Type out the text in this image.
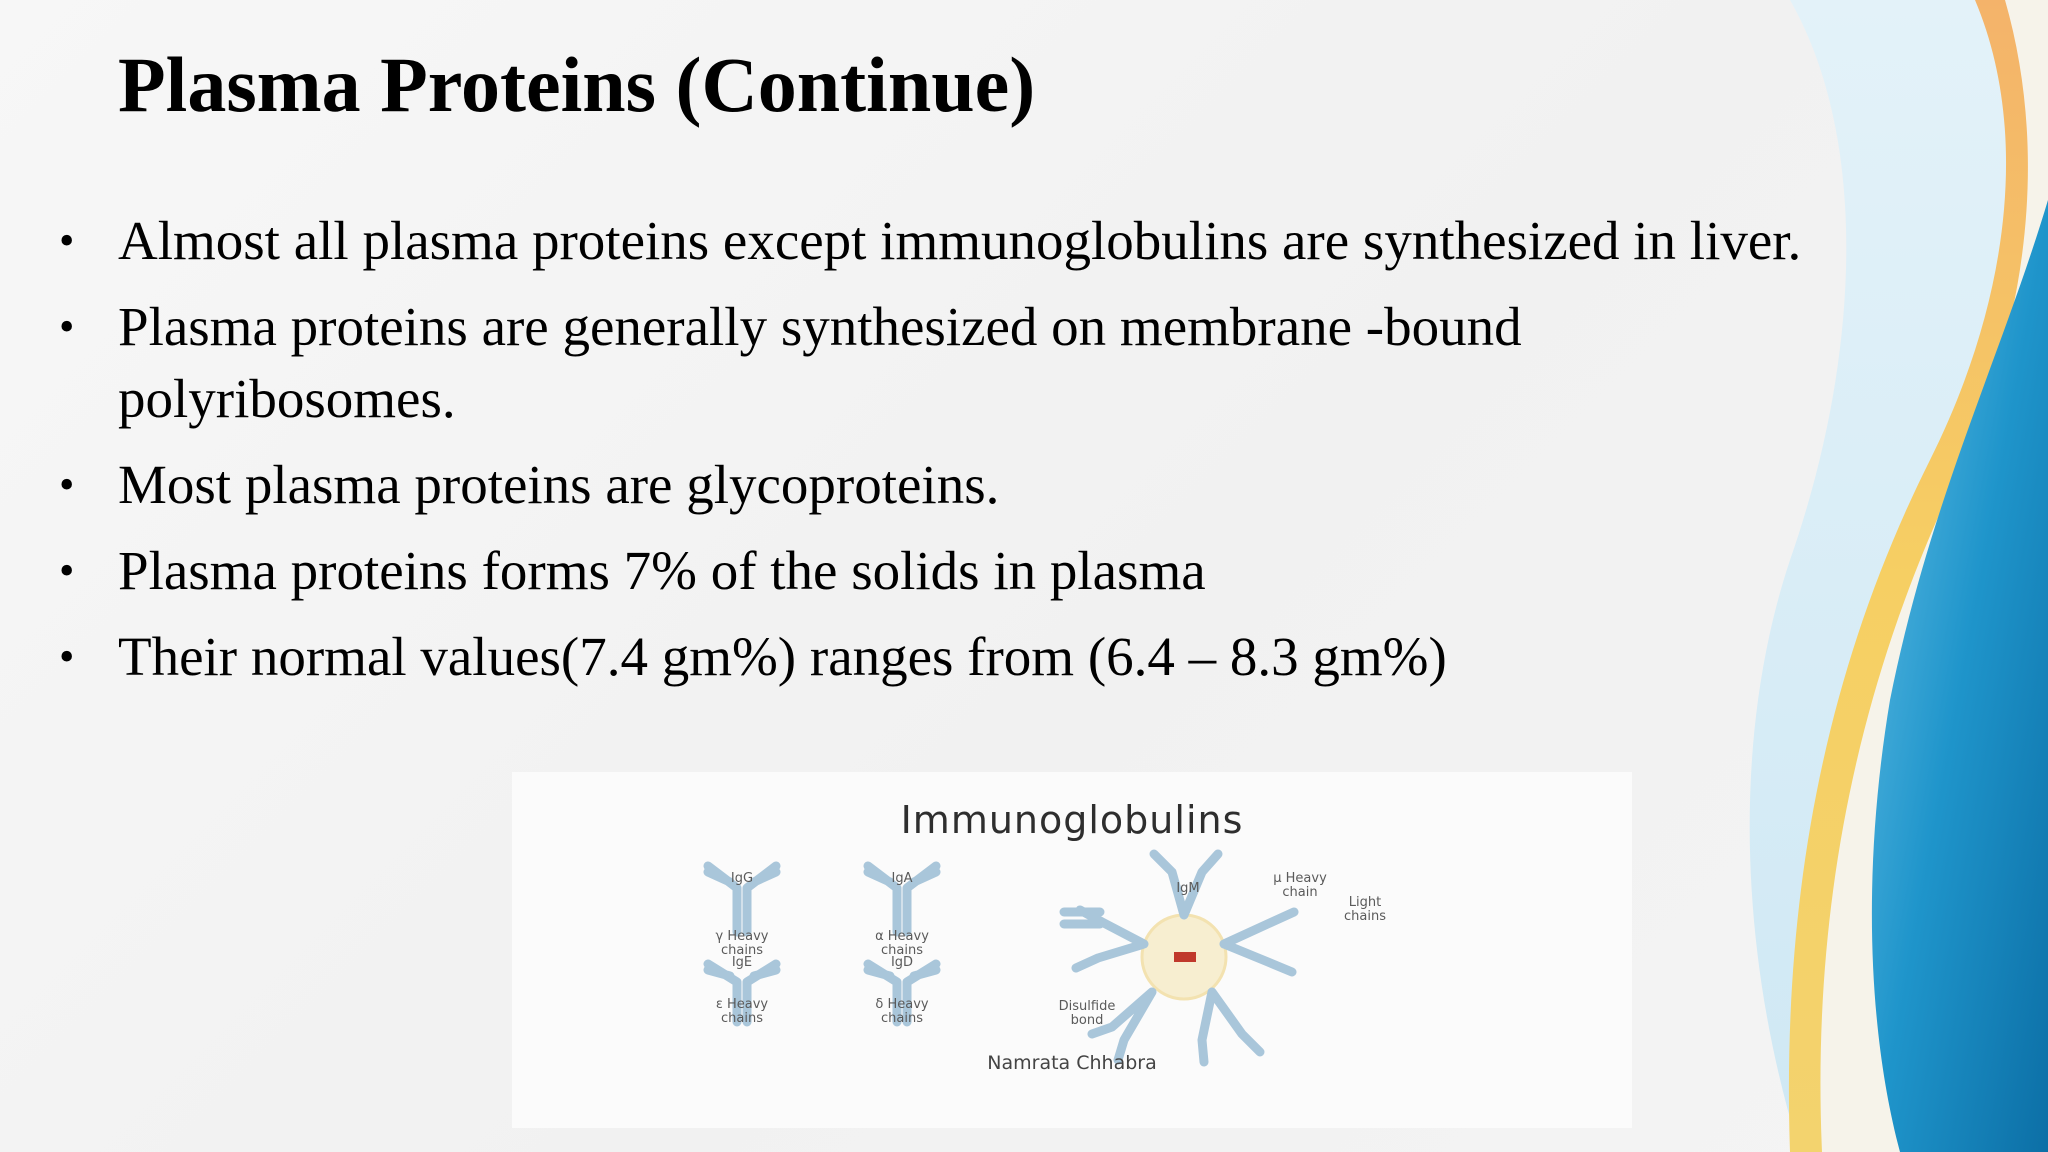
Plasma Proteins (Continue)
• Almost all plasma proteins except immunoglobulins are synthesized in liver.
• Plasma proteins are generally synthesized on membrane -bound polyribosomes.
• Most plasma proteins are glycoproteins.
• Plasma proteins forms 7% of the solids in plasma
• Their normal values(7.4 gm%) ranges from (6.4 – 8.3 gm%)
Immunoglobulins
IgG	IgA
γ Heavy chains
α Heavy chains
IgE	IgD
ε Heavy chains
δ Heavy chains
IgM
μ Heavy chain
Light chains
Disulfide bond
Namrata Chhabra
